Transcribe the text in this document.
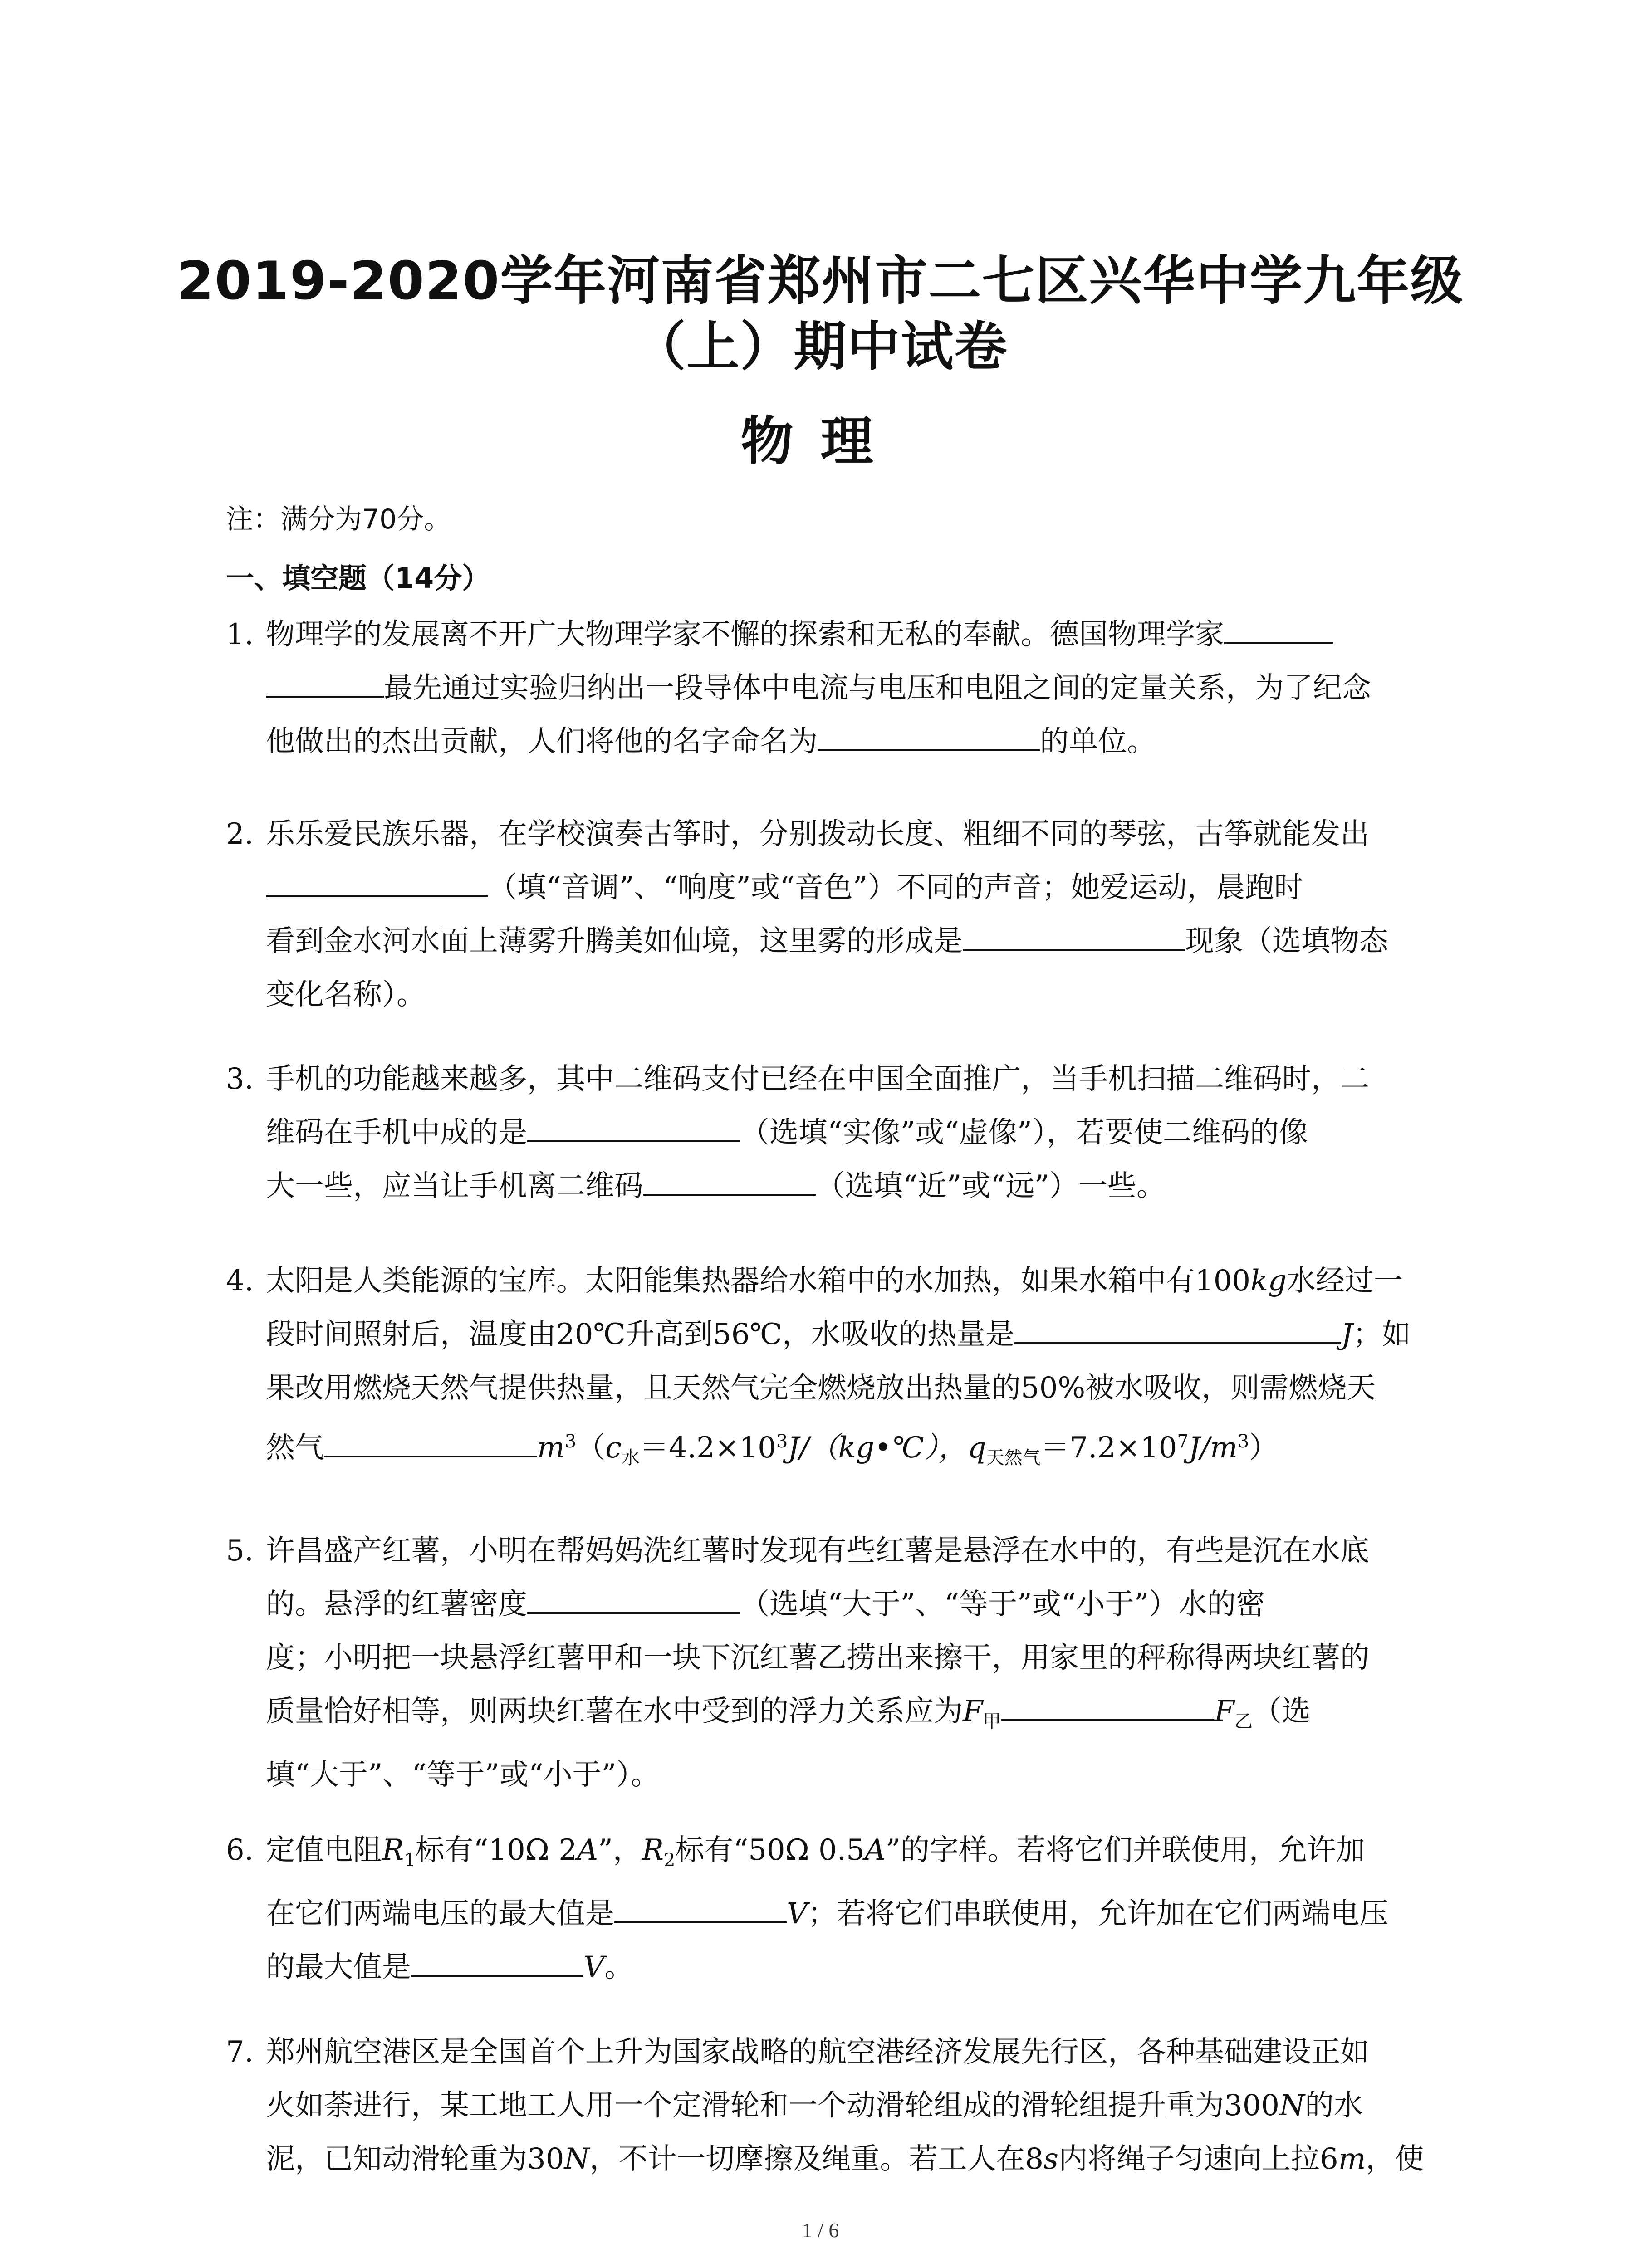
2019-2020学年河南省郑州市二七区兴华中学九年级
（上）期中试卷
物理
注：满分为70分。
一、填空题（14分）
1. 物理学的发展离不开广大物理学家不懈的探索和无私的奉献。德国物理学家
最先通过实验归纳出一段导体中电流与电压和电阻之间的定量关系，为了纪念
他做出的杰出贡献，人们将他的名字命名为	的单位。
2. 乐乐爱民族乐器，在学校演奏古筝时，分别拨动长度、粗细不同的琴弦，古筝就能发出
（填“音调”、“响度”或“音色”）不同的声音；她爱运动，晨跑时
看到金水河水面上薄雾升腾美如仙境，这里雾的形成是	现象（选填物态
变化名称）。
3. 手机的功能越来越多，其中二维码支付已经在中国全面推广，当手机扫描二维码时，二
维码在手机中成的是	（选填“实像”或“虚像”），若要使二维码的像
大一些，应当让手机离二维码	（选填“近”或“远”）一些。
4. 太阳是人类能源的宝库。太阳能集热器给水箱中的水加热，如果水箱中有100kg水经过一
段时间照射后，温度由20℃升高到56℃，水吸收的热量是	J；如
果改用燃烧天然气提供热量，且天然气完全燃烧放出热量的50%被水吸收，则需燃烧天
然气	$m^3(c_水=4.2\times 10^3J/(kg•℃)$，$q_{天然气}=7.2\times 10^7J/m^3$）
5. 许昌盛产红薯，小明在帮妈妈洗红薯时发现有些红薯是悬浮在水中的，有些是沉在水底
的。悬浮的红薯密度	（选填“大于”、“等于”或“小于”）水的密
度；小明把一块悬浮红薯甲和一块下沉红薯乙捞出来擦干，用家里的秤称得两块红薯的
质量恰好相等，则两块红薯在水中受到的浮力关系应为$F_甲$	$F_乙$（选
填“大于”、“等于”或“小于”）。
6. 定值电阻$R_1$标有“10Ω 2A”，$R_2$标有“50Ω 0.5A”的字样。若将它们并联使用，允许加
在它们两端电压的最大值是	V；若将它们串联使用，允许加在它们两端电压
的最大值是	V。
7. 郑州航空港区是全国首个上升为国家战略的航空港经济发展先行区，各种基础建设正如
火如荼进行，某工地工人用一个定滑轮和一个动滑轮组成的滑轮组提升重为300N的水
泥，已知动滑轮重为30N，不计一切摩擦及绳重。若工人在8s内将绳子匀速向上拉6m，使
1 / 6
